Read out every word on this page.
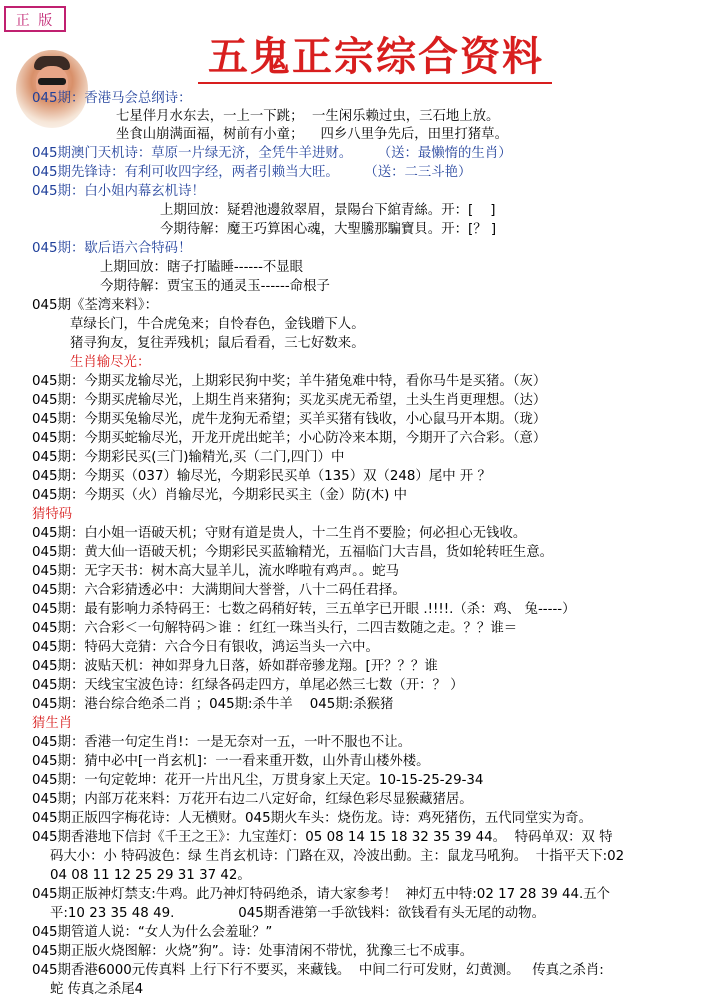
正 版
五鬼正宗综合资料
045期：香港马会总纲诗：
七星伴月水东去，一上一下跳；  一生闲乐赖过虫，三石地上放。
坐食山崩满面福，树前有小童；    四乡八里争先后，田里打猪草。
045期澳门天机诗：草原一片绿无济，全凭牛羊进财。      （送：最懒惰的生肖）
045期先锋诗：有利可收四字经，两者引赖当大旺。      （送：二三斗艳）
045期：白小姐内幕玄机诗！
上期回放：疑碧池邊敘翠眉，景陽台下綰青絲。开：[    ]
今期待解：魔王巧算困心魂，大聖騰那騙寶貝。开：[？ ]
045期：歇后语六合特码！
上期回放：瞎子打瞌睡------不显眼
今期待解：贾宝玉的通灵玉------命根子
045期《荃湾来料》：
草绿长门，牛合虎兔来；自怜春色，金钱贈下人。
猪寻狗友，复往弄残机；鼠后看看，三七好数来。
生肖输尽光：
045期：今期买龙输尽光，上期彩民狗中奖；羊牛猪兔难中特，看你马牛是买猪。（灰）
045期：今期买虎输尽光，上期生肖来猪狗；买龙买虎无希望，土头生肖更理想。（达）
045期：今期买兔输尽光，虎牛龙狗无希望；买羊买猪有钱收，小心鼠马开本期。（珑）
045期：今期买蛇输尽光，开龙开虎出蛇羊；小心防冷来本期，今期开了六合彩。（意）
045期：今期彩民买(三门)输精光,买（二门,四门）中
045期：今期买（037）输尽光，今期彩民买单（135）双（248）尾中 开 ？
045期：今期买（火）肖输尽光，今期彩民买主（金）防(木) 中
猜特码
045期：白小姐一语破天机；守财有道是贵人，十二生肖不要脸；何必担心无钱收。
045期：黄大仙一语破天机；今期彩民买蓝输精光，五福临门大吉昌，货如轮转旺生意。
045期：无字天书：树木高大显羊儿，流水哗啦有鸡声。。蛇马
045期：六合彩猜透必中：大满期间大誉誉，八十二码任君择。
045期：最有影响力杀特码王：七数之码稍好转，三五单字已开眼 .!!!!.（杀：鸡、 兔-----）
045期：六合彩＜一句解特码＞谁 ：红红一珠当头行，二四吉数随之走。？？谁＝
045期：特码大竞猜：六合今日有银收，鸿运当头一六中。
045期：波贴天机：神如羿身九日落，娇如群帝骖龙翔。[开？？？谁
045期：天线宝宝波色诗：红绿各码走四方，单尾必然三七数（开：？ ）
045期：港台综合绝杀二肖 ；045期:杀牛羊    045期:杀猴猪
猜生肖
045期：香港一句定生肖!：一是无奈对一五，一叶不服也不让。
045期：猜中必中[一肖玄机]：一一看来重开数，山外青山楼外楼。
045期：一句定乾坤：花开一片出凡尘，万贯身家上天定。10-15-25-29-34
045期；内部万花来料：万花开右边二八定好命，红绿色彩尽显猴藏猪居。
045期正版四字梅花诗：人无横财。045期火车头：烧伤龙。诗：鸡死猪伤，五代同堂实为奇。
045期香港地下信封《千王之王》：九宝莲灯：05 08 14 15 18 32 35 39 44。  特码单双：双 特
码大小：小 特码波色：绿 生肖玄机诗：门路在双，冷波出動。主：鼠龙马吼狗。  十指平天下:02
04 08 11 12 25 29 31 37 42。
045期正版神灯禁支:牛鸡。此乃神灯特码绝杀，请大家参考！  神灯五中特:02 17 28 39 44.五个
平:10 23 35 48 49.               045期香港第一手欲钱料：欲钱看有头无尾的动物。
045期管道人说：“女人为什么会羞耻？”
045期正版火烧图解：火烧”狗”。诗：处事清闲不带忧，犹豫三七不成事。
045期香港6000元传真料 上行下行不要买，来藏钱。  中间二行可发财，幻黄测。   传真之杀肖:
蛇 传真之杀尾4
